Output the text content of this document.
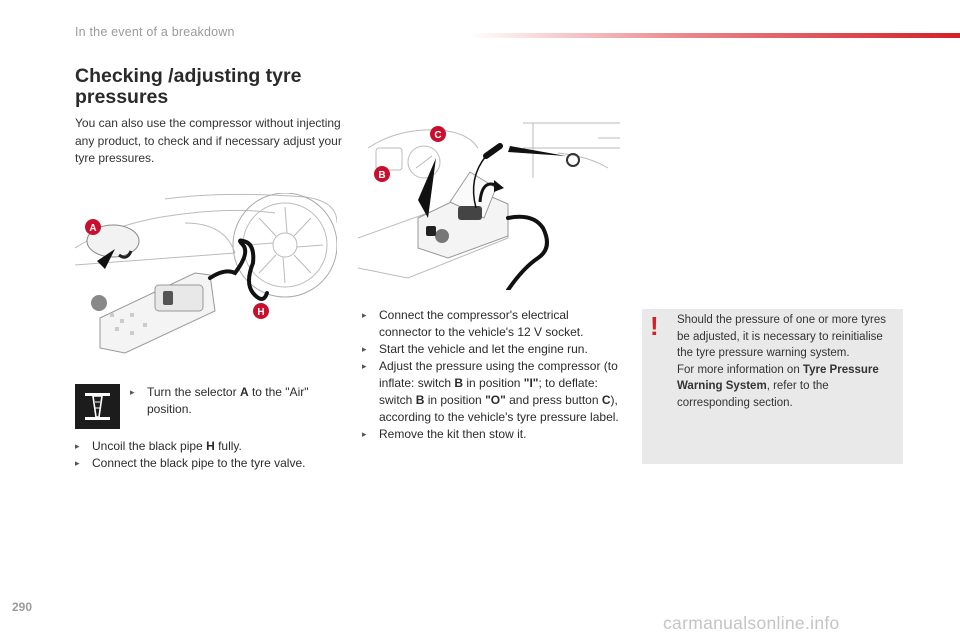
In the event of a breakdown
Checking /adjusting tyre pressures

You can also use the compressor without injecting any product, to check and if necessary adjust your tyre pressures.

A
H
C
B
▸ Turn the selector A to the "Air" position.
▸ Uncoil the black pipe H fully.
▸ Connect the black pipe to the tyre valve.
▸ Connect the compressor's electrical connector to the vehicle's 12 V socket.
▸ Start the vehicle and let the engine run.
▸ Adjust the pressure using the compressor (to inflate: switch B in position "I"; to deflate: switch B in position "O" and press button C), according to the vehicle's tyre pressure label.
▸ Remove the kit then stow it.
! Should the pressure of one or more tyres be adjusted, it is necessary to reinitialise the tyre pressure warning system.
For more information on Tyre Pressure Warning System, refer to the corresponding section.
290
carmanualsonline.info
